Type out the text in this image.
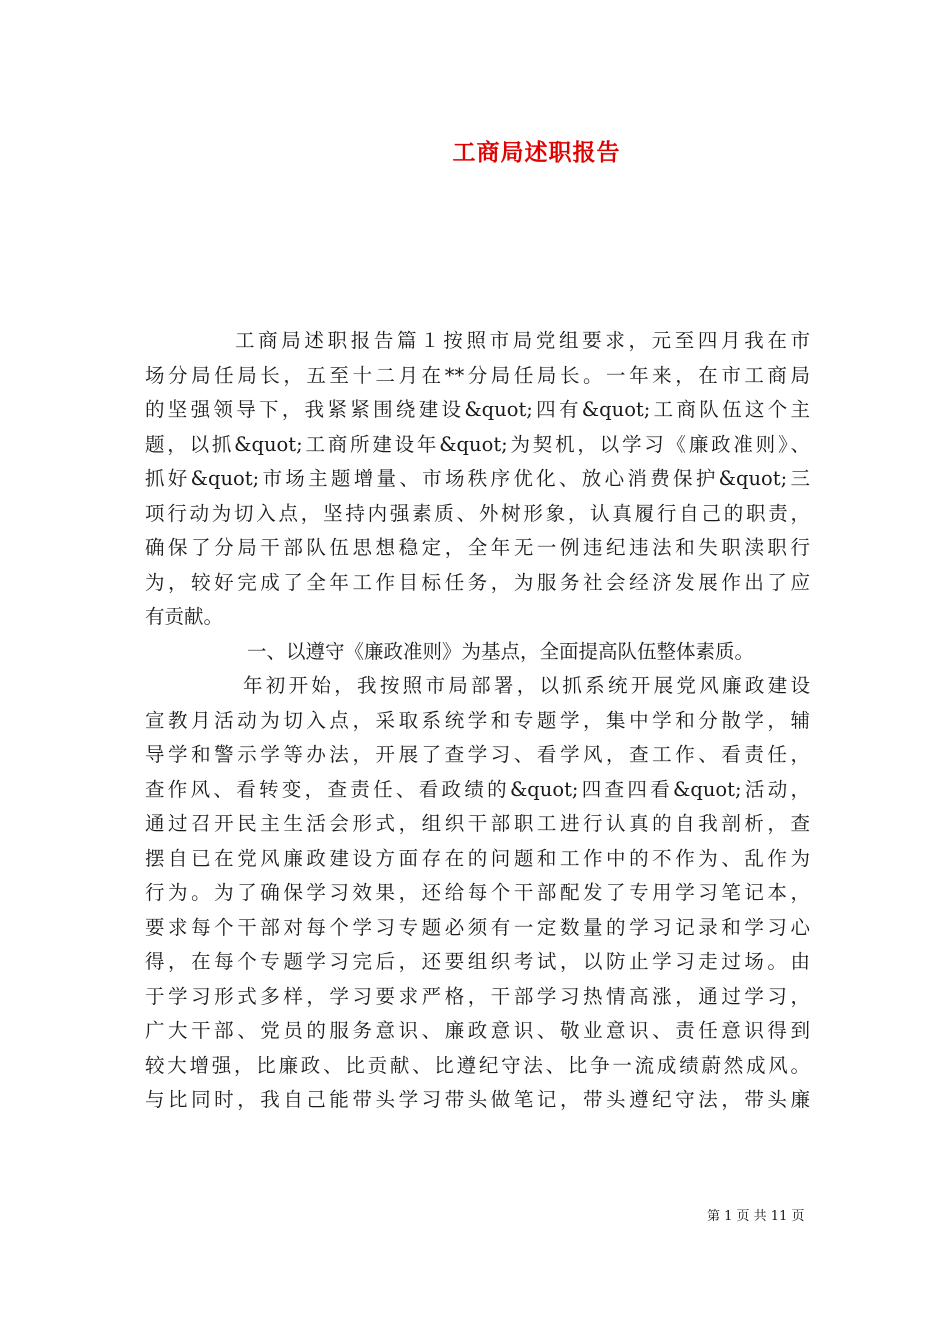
工商局述职报告
工商局述职报告篇１按照市局党组要求，元至四月我在市
场分局任局长，五至十二月在**分局任局长。一年来，在市工商局
的坚强领导下，我紧紧围绕建设&quot;四有&quot;工商队伍这个主
题，以抓&quot;工商所建设年&quot;为契机，以学习《廉政准则》、
抓好&quot;市场主题增量、市场秩序优化、放心消费保护&quot;三
项行动为切入点，坚持内强素质、外树形象，认真履行自己的职责，
确保了分局干部队伍思想稳定，全年无一例违纪违法和失职渎职行
为，较好完成了全年工作目标任务，为服务社会经济发展作出了应
有贡献。
一、以遵守《廉政准则》为基点，全面提高队伍整体素质。
年初开始，我按照市局部署，以抓系统开展党风廉政建设
宣教月活动为切入点，采取系统学和专题学，集中学和分散学，辅
导学和警示学等办法，开展了查学习、看学风，查工作、看责任，
查作风、看转变，查责任、看政绩的&quot;四查四看&quot;活动，
通过召开民主生活会形式，组织干部职工进行认真的自我剖析，查
摆自已在党风廉政建设方面存在的问题和工作中的不作为、乱作为
行为。为了确保学习效果，还给每个干部配发了专用学习笔记本，
要求每个干部对每个学习专题必须有一定数量的学习记录和学习心
得，在每个专题学习完后，还要组织考试，以防止学习走过场。由
于学习形式多样，学习要求严格，干部学习热情高涨，通过学习，
广大干部、党员的服务意识、廉政意识、敬业意识、责任意识得到
较大增强，比廉政、比贡献、比遵纪守法、比争一流成绩蔚然成风。
与比同时，我自己能带头学习带头做笔记，带头遵纪守法，带头廉
第 1 页 共 11 页
